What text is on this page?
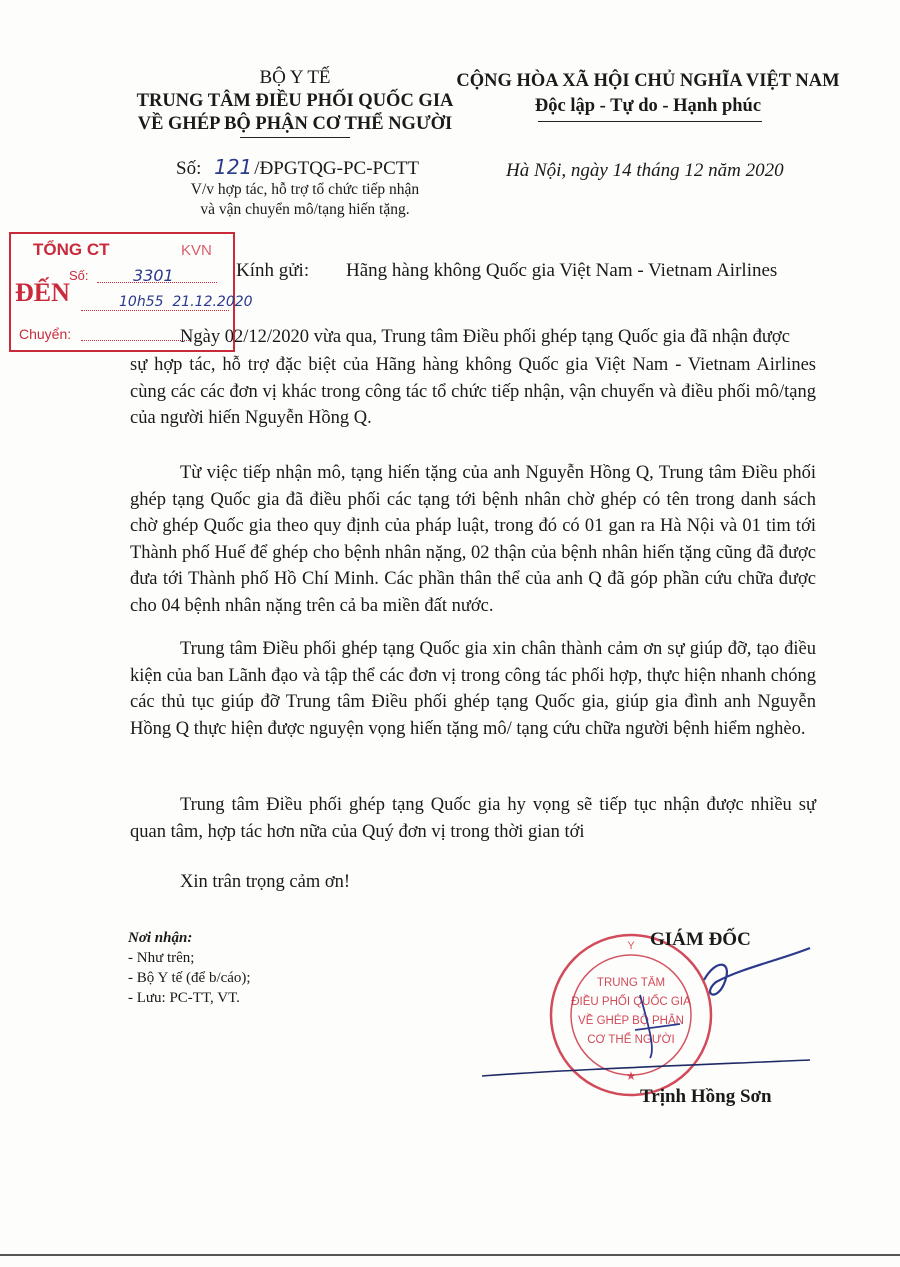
BỘ Y TẾ
TRUNG TÂM ĐIỀU PHỐI QUỐC GIA
VỀ GHÉP BỘ PHẬN CƠ THỂ NGƯỜI
Số: 121 /ĐPGTQG-PC-PCTT
V/v hợp tác, hỗ trợ tổ chức tiếp nhận
và vận chuyển mô/tạng hiến tặng.
CỘNG HÒA XÃ HỘI CHỦ NGHĨA VIỆT NAM
Độc lập - Tự do - Hạnh phúc
Hà Nội, ngày 14 tháng 12 năm 2020
TỔNG CT	KVN
ĐẾN
Số:	3301
10h55  21.12.2020
Chuyển:
Kính gửi: Hãng hàng không Quốc gia Việt Nam - Vietnam Airlines
Ngày 02/12/2020 vừa qua, Trung tâm Điều phối ghép tạng Quốc gia đã nhận được
sự hợp tác, hỗ trợ đặc biệt của Hãng hàng không Quốc gia Việt Nam - Vietnam Airlines cùng các các đơn vị khác trong công tác tổ chức tiếp nhận, vận chuyển và điều phối mô/tạng của người hiến Nguyễn Hồng Q.
Từ việc tiếp nhận mô, tạng hiến tặng của anh Nguyễn Hồng Q, Trung tâm Điều phối ghép tạng Quốc gia đã điều phối các tạng tới bệnh nhân chờ ghép có tên trong danh sách chờ ghép Quốc gia theo quy định của pháp luật, trong đó có 01 gan ra Hà Nội và 01 tim tới Thành phố Huế để ghép cho bệnh nhân nặng, 02 thận của bệnh nhân hiến tặng cũng đã được đưa tới Thành phố Hồ Chí Minh. Các phần thân thể của anh Q đã góp phần cứu chữa được cho 04 bệnh nhân nặng trên cả ba miền đất nước.
Trung tâm Điều phối ghép tạng Quốc gia xin chân thành cảm ơn sự giúp đỡ, tạo điều kiện của ban Lãnh đạo và tập thể các đơn vị trong công tác phối hợp, thực hiện nhanh chóng các thủ tục giúp đỡ Trung tâm Điều phối ghép tạng Quốc gia, giúp gia đình anh Nguyễn Hồng Q thực hiện được nguyện vọng hiến tặng mô/ tạng cứu chữa người bệnh hiểm nghèo.
Trung tâm Điều phối ghép tạng Quốc gia hy vọng sẽ tiếp tục nhận được nhiều sự quan tâm, hợp tác hơn nữa của Quý đơn vị trong thời gian tới
Xin trân trọng cảm ơn!
Nơi nhận:
- Như trên;
- Bộ Y tế (để b/cáo);
- Lưu: PC-TT, VT.
★
Y
TRUNG TÂM
ĐIỀU PHỐI QUỐC GIA
VỀ GHÉP BỘ PHẬN
CƠ THỂ NGƯỜI
GIÁM ĐỐC
Trịnh Hồng Sơn
